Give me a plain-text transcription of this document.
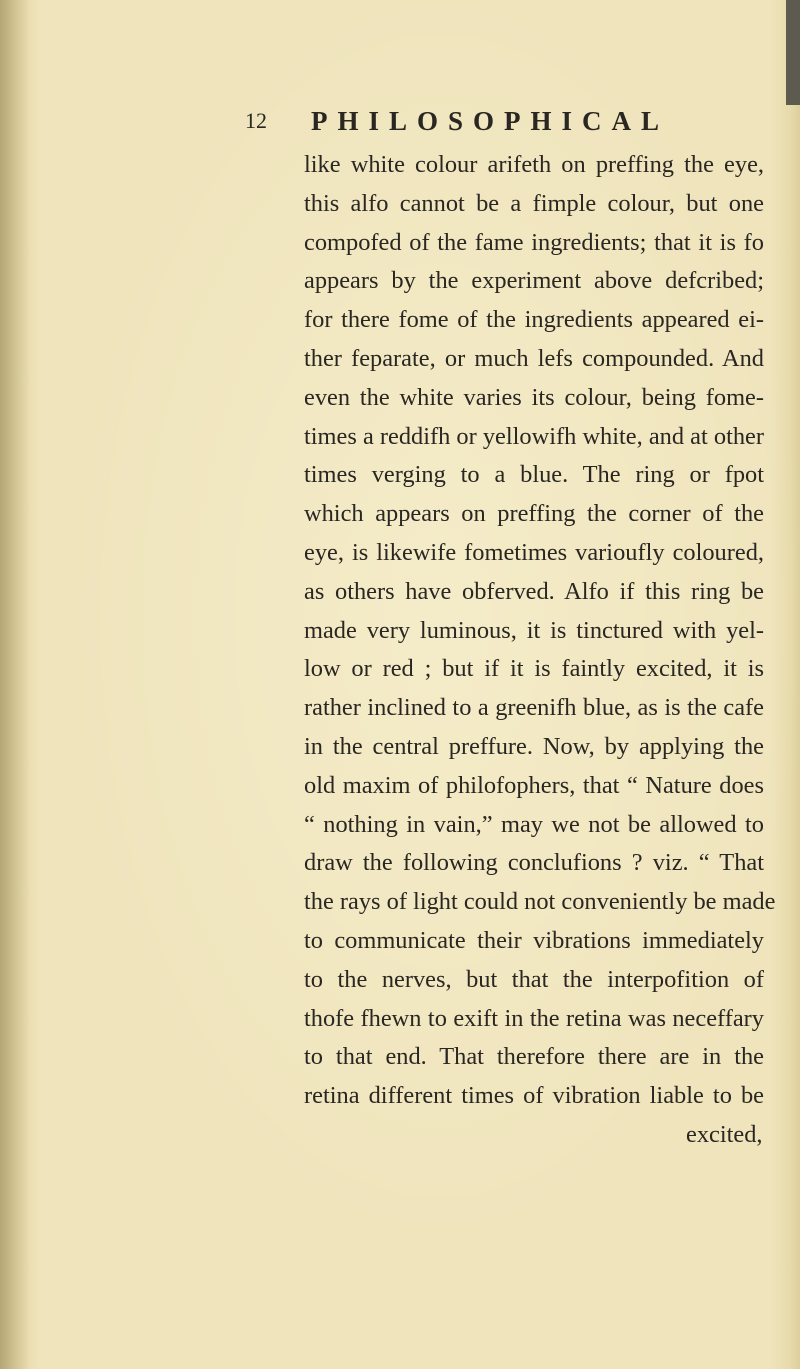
12 PHILOSOPHICAL
like white colour arifeth on preffing the eye,
this alfo cannot be a fimple colour, but one
compofed of the fame ingredients; that it is fo
appears by the experiment above defcribed;
for there fome of the ingredients appeared ei-
ther feparate, or much lefs compounded. And
even the white varies its colour, being fome-
times a reddifh or yellowifh white, and at other
times verging to a blue. The ring or fpot
which appears on preffing the corner of the
eye, is likewife fometimes varioufly coloured,
as others have obferved. Alfo if this ring be
made very luminous, it is tinctured with yel-
low or red ; but if it is faintly excited, it is
rather inclined to a greenifh blue, as is the cafe
in the central preffure. Now, by applying the
old maxim of philofophers, that “ Nature does
“ nothing in vain,” may we not be allowed to
draw the following conclufions ? viz. “ That
the rays of light could not conveniently be made
to communicate their vibrations immediately
to the nerves, but that the interpofition of
thofe fhewn to exift in the retina was neceffary
to that end. That therefore there are in the
retina different times of vibration liable to be
excited,
